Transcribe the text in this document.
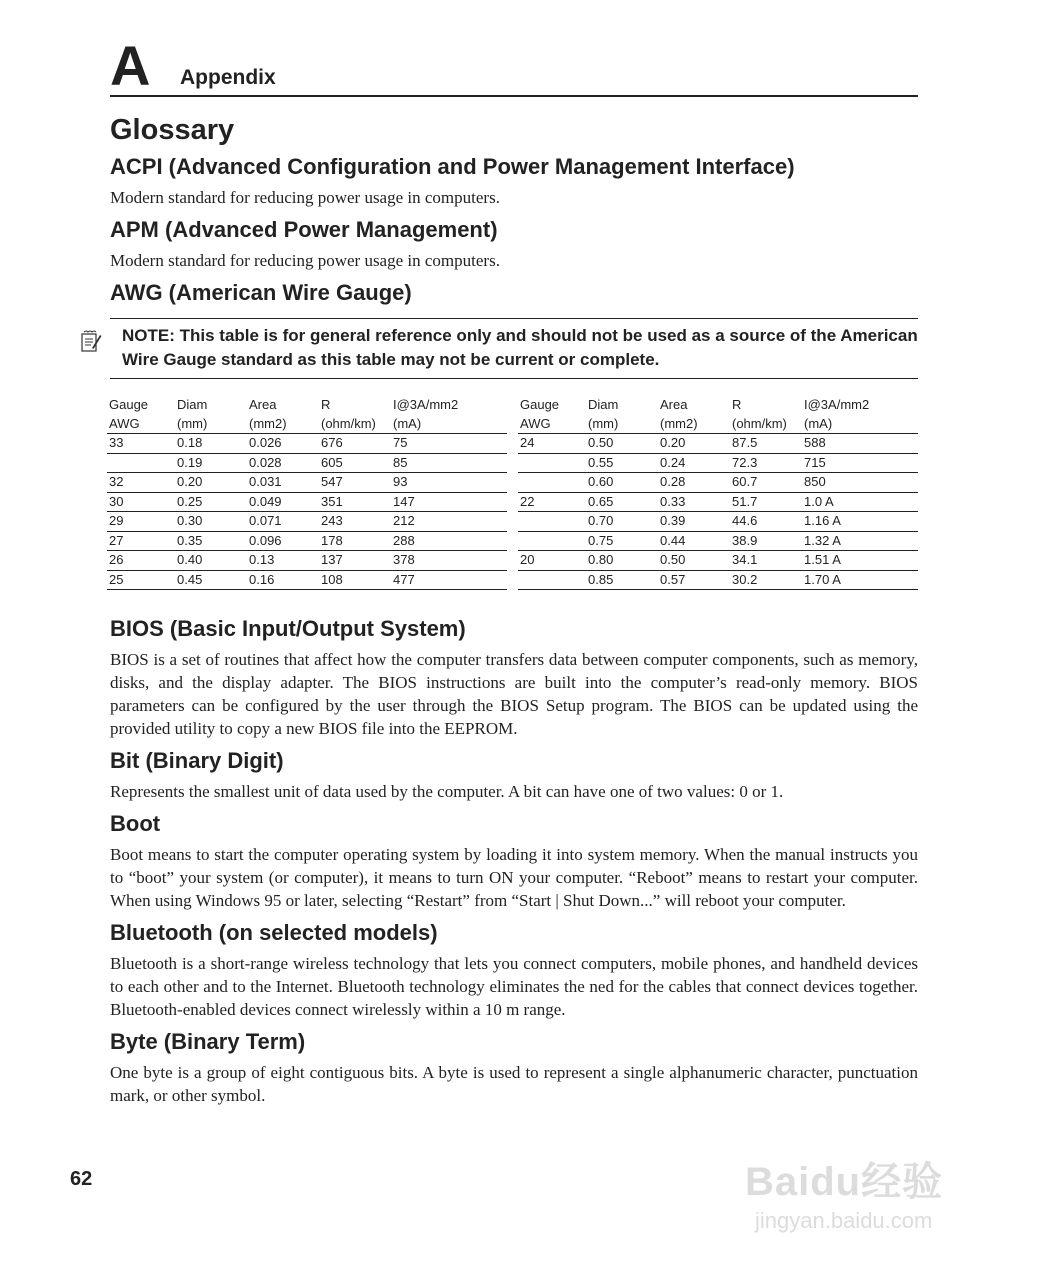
A Appendix
Glossary
ACPI (Advanced Configuration and Power Management Interface)

Modern standard for reducing power usage in computers.

APM (Advanced Power Management)

Modern standard for reducing power usage in computers.

AWG (American Wire Gauge)
NOTE: This table is for general reference only and should not be used as a source of the American Wire Gauge standard as this table may not be current or complete.
Gauge	Diam	Area	R	I@3A/mm2
AWG	(mm)	(mm2)	(ohm/km)	(mA)
33	0.18	0.026	676	75
	0.19	0.028	605	85
32	0.20	0.031	547	93
30	0.25	0.049	351	147
29	0.30	0.071	243	212
27	0.35	0.096	178	288
26	0.40	0.13	137	378
25	0.45	0.16	108	477
Gauge	Diam	Area	R	I@3A/mm2
AWG	(mm)	(mm2)	(ohm/km)	(mA)
24	0.50	0.20	87.5	588
	0.55	0.24	72.3	715
	0.60	0.28	60.7	850
22	0.65	0.33	51.7	1.0 A
	0.70	0.39	44.6	1.16 A
	0.75	0.44	38.9	1.32 A
20	0.80	0.50	34.1	1.51 A
	0.85	0.57	30.2	1.70 A
BIOS (Basic Input/Output System)

BIOS is a set of routines that affect how the computer transfers data between computer components, such as memory, disks, and the display adapter. The BIOS instructions are built into the computer’s read-only memory. BIOS parameters can be configured by the user through the BIOS Setup program. The BIOS can be updated using the provided utility to copy a new BIOS file into the EEPROM.

Bit (Binary Digit)

Represents the smallest unit of data used by the computer. A bit can have one of two values: 0 or 1.

Boot

Boot means to start the computer operating system by loading it into system memory. When the manual instructs you to “boot” your system (or computer), it means to turn ON your computer. “Reboot” means to restart your computer. When using Windows 95 or later, selecting “Restart” from “Start | Shut Down...” will reboot your computer.

Bluetooth (on selected models)

Bluetooth is a short-range wireless technology that lets you connect computers, mobile phones, and handheld devices to each other and to the Internet. Bluetooth technology eliminates the ned for the cables that connect devices together. Bluetooth-enabled devices connect wirelessly within a 10 m range.

Byte (Binary Term)

One byte is a group of eight contiguous bits. A byte is used to represent a single alphanumeric character, punctuation mark, or other symbol.

62	Baidu经验
jingyan.baidu.com
